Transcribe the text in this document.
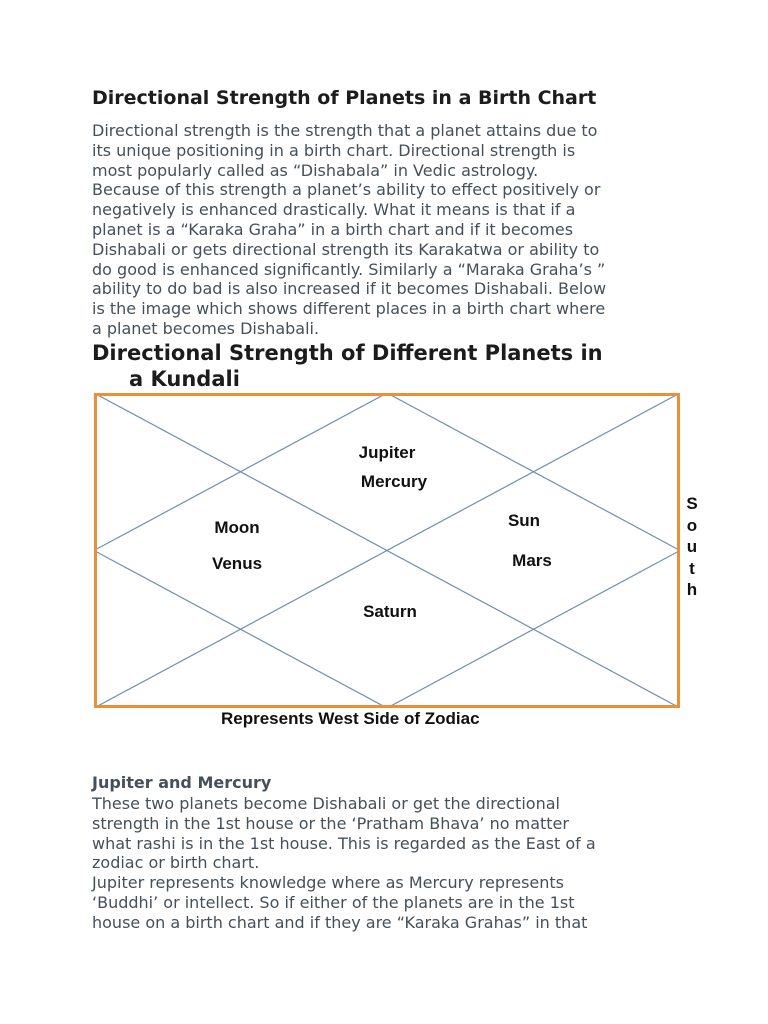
Directional Strength of Planets in a Birth Chart
Directional strength is the strength that a planet attains due to
its unique positioning in a birth chart. Directional strength is
most popularly called as “Dishabala” in Vedic astrology.
Because of this strength a planet’s ability to effect positively or
negatively is enhanced drastically. What it means is that if a
planet is a “Karaka Graha” in a birth chart and if it becomes
Dishabali or gets directional strength its Karakatwa or ability to
do good is enhanced significantly. Similarly a “Maraka Graha’s ”
ability to do bad is also increased if it becomes Dishabali. Below
is the image which shows different places in a birth chart where
a planet becomes Dishabali.
Directional Strength of Different Planets in
a Kundali
Jupiter
Mercury
Moon
Venus
Sun
Mars
Saturn
S
o
u
t
h
Represents West Side of Zodiac
Jupiter and Mercury
These two planets become Dishabali or get the directional
strength in the 1st house or the ‘Pratham Bhava’ no matter
what rashi is in the 1st house. This is regarded as the East of a
zodiac or birth chart.
Jupiter represents knowledge where as Mercury represents
‘Buddhi’ or intellect. So if either of the planets are in the 1st
house on a birth chart and if they are “Karaka Grahas” in that
